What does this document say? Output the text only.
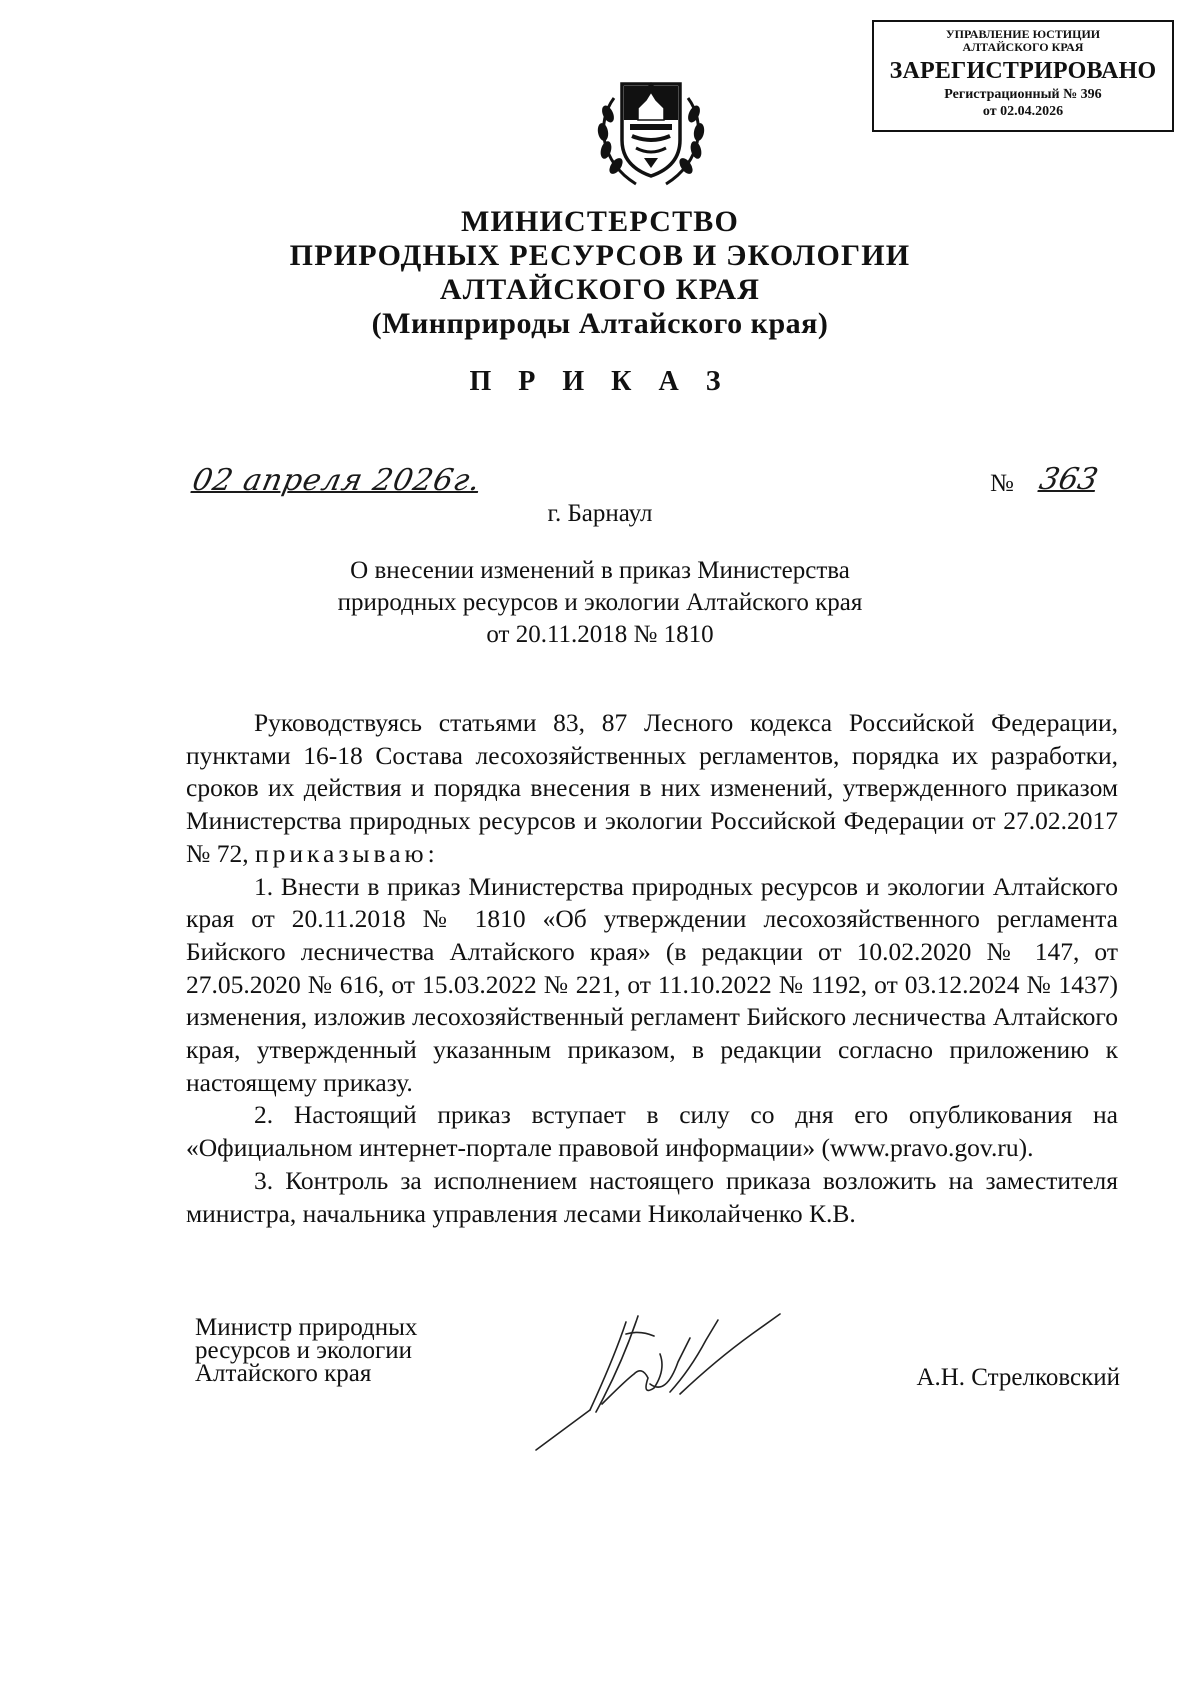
УПРАВЛЕНИЕ ЮСТИЦИИ
АЛТАЙСКОГО КРАЯ
ЗАРЕГИСТРИРОВАНО
Регистрационный № 396
от 02.04.2026
МИНИСТЕРСТВО
ПРИРОДНЫХ РЕСУРСОВ И ЭКОЛОГИИ
АЛТАЙСКОГО КРАЯ
(Минприроды Алтайского края)
П Р И К А З
02 апреля 2026г.	№ 363
г. Барнаул
О внесении изменений в приказ Министерства
природных ресурсов и экологии Алтайского края
от 20.11.2018 № 1810

Руководствуясь статьями 83, 87 Лесного кодекса Российской Федерации, пунктами 16-18 Состава лесохозяйственных регламентов, порядка их разработки, сроков их действия и порядка внесения в них изменений, утвержденного приказом Министерства природных ресурсов и экологии Российской Федерации от 27.02.2017 № 72, приказываю:

1. Внести в приказ Министерства природных ресурсов и экологии Алтайского края от 20.11.2018 № 1810 «Об утверждении лесохозяйственного регламента Бийского лесничества Алтайского края» (в редакции от 10.02.2020 № 147, от 27.05.2020 № 616, от 15.03.2022 № 221, от 11.10.2022 № 1192, от 03.12.2024 № 1437) изменения, изложив лесохозяйственный регламент Бийского лесничества Алтайского края, утвержденный указанным приказом, в редакции согласно приложению к настоящему приказу.

2. Настоящий приказ вступает в силу со дня его опубликования на «Официальном интернет-портале правовой информации» (www.pravo.gov.ru).

3. Контроль за исполнением настоящего приказа возложить на заместителя министра, начальника управления лесами Николайченко К.В.

Министр природных
ресурсов и экологии
Алтайского края	А.Н. Стрелковский
